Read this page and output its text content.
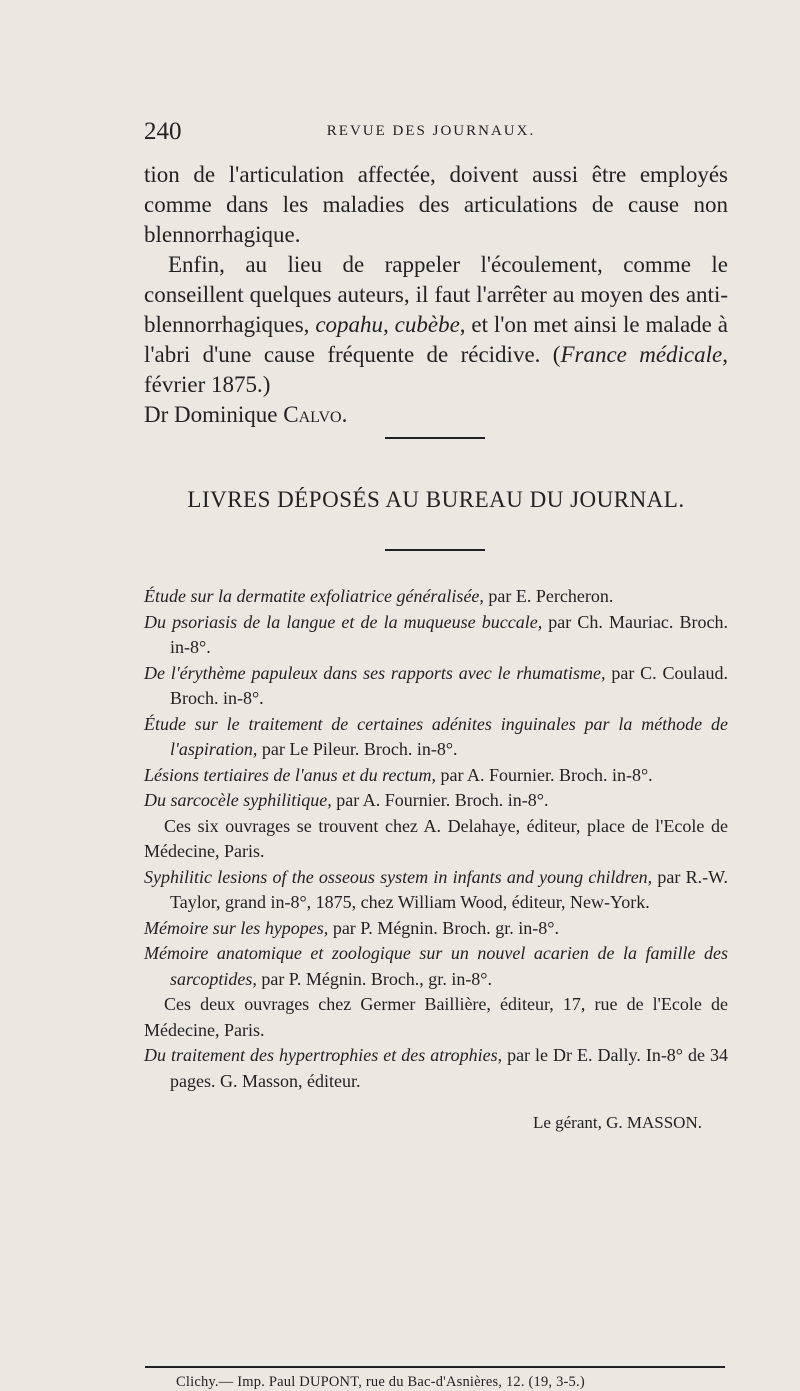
240	REVUE DES JOURNAUX.

tion de l'articulation affectée, doivent aussi être employés comme dans les maladies des articulations de cause non blennorrhagique.

Enfin, au lieu de rappeler l'écoulement, comme le conseillent quelques auteurs, il faut l'arrêter au moyen des anti-blennorrhagiques, copahu, cubèbe, et l'on met ainsi le malade à l'abri d'une cause fréquente de récidive. (France médicale, février 1875.)

Dr Dominique Calvo.

LIVRES DÉPOSÉS AU BUREAU DU JOURNAL.

Étude sur la dermatite exfoliatrice généralisée, par E. Percheron.

Du psoriasis de la langue et de la muqueuse buccale, par Ch. Mauriac. Broch. in-8°.

De l'érythème papuleux dans ses rapports avec le rhumatisme, par C. Coulaud. Broch. in-8°.

Étude sur le traitement de certaines adénites inguinales par la méthode de l'aspiration, par Le Pileur. Broch. in-8°.

Lésions tertiaires de l'anus et du rectum, par A. Fournier. Broch. in-8°.

Du sarcocèle syphilitique, par A. Fournier. Broch. in-8°.

Ces six ouvrages se trouvent chez A. Delahaye, éditeur, place de l'Ecole de Médecine, Paris.

Syphilitic lesions of the osseous system in infants and young children, par R.-W. Taylor, grand in-8°, 1875, chez William Wood, éditeur, New-York.

Mémoire sur les hypopes, par P. Mégnin. Broch. gr. in-8°.

Mémoire anatomique et zoologique sur un nouvel acarien de la famille des sarcoptides, par P. Mégnin. Broch., gr. in-8°.

Ces deux ouvrages chez Germer Baillière, éditeur, 17, rue de l'Ecole de Médecine, Paris.

Du traitement des hypertrophies et des atrophies, par le Dr E. Dally. In-8° de 34 pages. G. Masson, éditeur.

Le gérant, G. MASSON.

Clichy.— Imp. Paul DUPONT, rue du Bac-d'Asnières, 12. (19, 3-5.)
